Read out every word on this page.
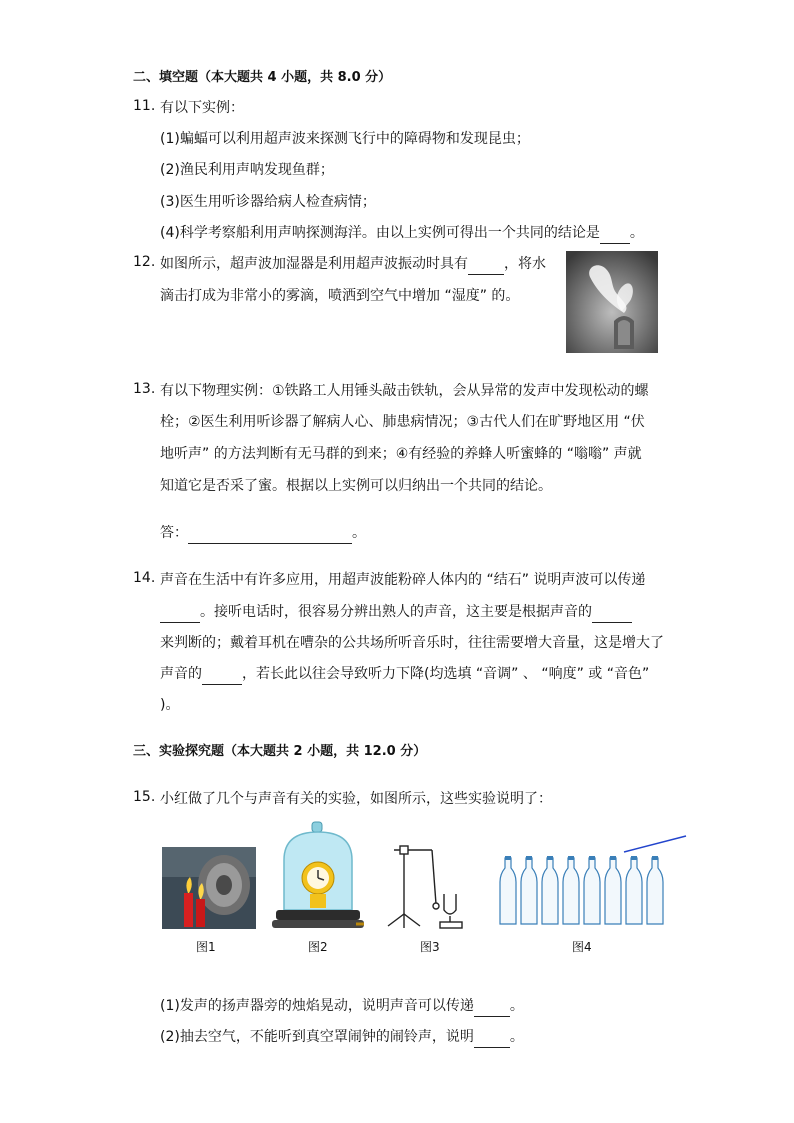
二、填空题（本大题共 4 小题，共 8.0 分）
11. 有以下实例：
(1)蝙蝠可以利用超声波来探测飞行中的障碍物和发现昆虫；
(2)渔民利用声呐发现鱼群；
(3)医生用听诊器给病人检查病情；
(4)科学考察船利用声呐探测海洋。由以上实例可得出一个共同的结论是 。
12. 如图所示，超声波加湿器是利用超声波振动时具有	，将水
滴击打成为非常小的雾滴，喷洒到空气中增加 “湿度” 的。
13. 有以下物理实例：①铁路工人用锤头敲击铁轨，会从异常的发声中发现松动的螺
栓；②医生利用听诊器了解病人心、肺患病情况；③古代人们在旷野地区用 “伏
地听声” 的方法判断有无马群的到来；④有经验的养蜂人听蜜蜂的 “嗡嗡” 声就
知道它是否采了蜜。根据以上实例可以归纳出一个共同的结论。
答：	。
14. 声音在生活中有许多应用，用超声波能粉碎人体内的 “结石” 说明声波可以传递
。接听电话时，很容易分辨出熟人的声音，这主要是根据声音的
来判断的；戴着耳机在嘈杂的公共场所听音乐时，往往需要增大音量，这是增大了
声音的	，若长此以往会导致听力下降(均选填 “音调” 、 “响度” 或 “音色”
)。
三、实验探究题（本大题共 2 小题，共 12.0 分）
15. 小红做了几个与声音有关的实验，如图所示，这些实验说明了：
图1	图2	图3	图4
(1)发声的扬声器旁的烛焰晃动，说明声音可以传递	。
(2)抽去空气，不能听到真空罩闹钟的闹铃声，说明	。
